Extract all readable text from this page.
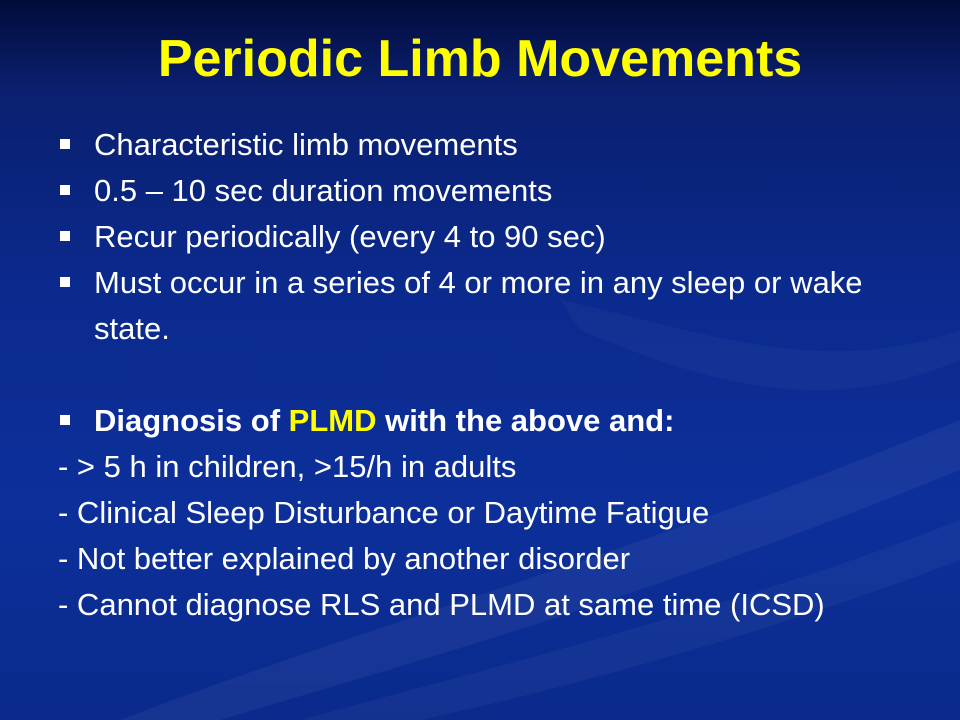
Periodic Limb Movements

Characteristic limb movements

0.5 – 10 sec duration movements

Recur periodically (every 4 to 90 sec)

Must occur in a series of 4 or more in any sleep or wake state.

Diagnosis of PLMD with the above and:

- > 5 h in children, >15/h in adults

- Clinical Sleep Disturbance or Daytime Fatigue

- Not better explained by another disorder

- Cannot diagnose RLS and PLMD at same time (ICSD)
